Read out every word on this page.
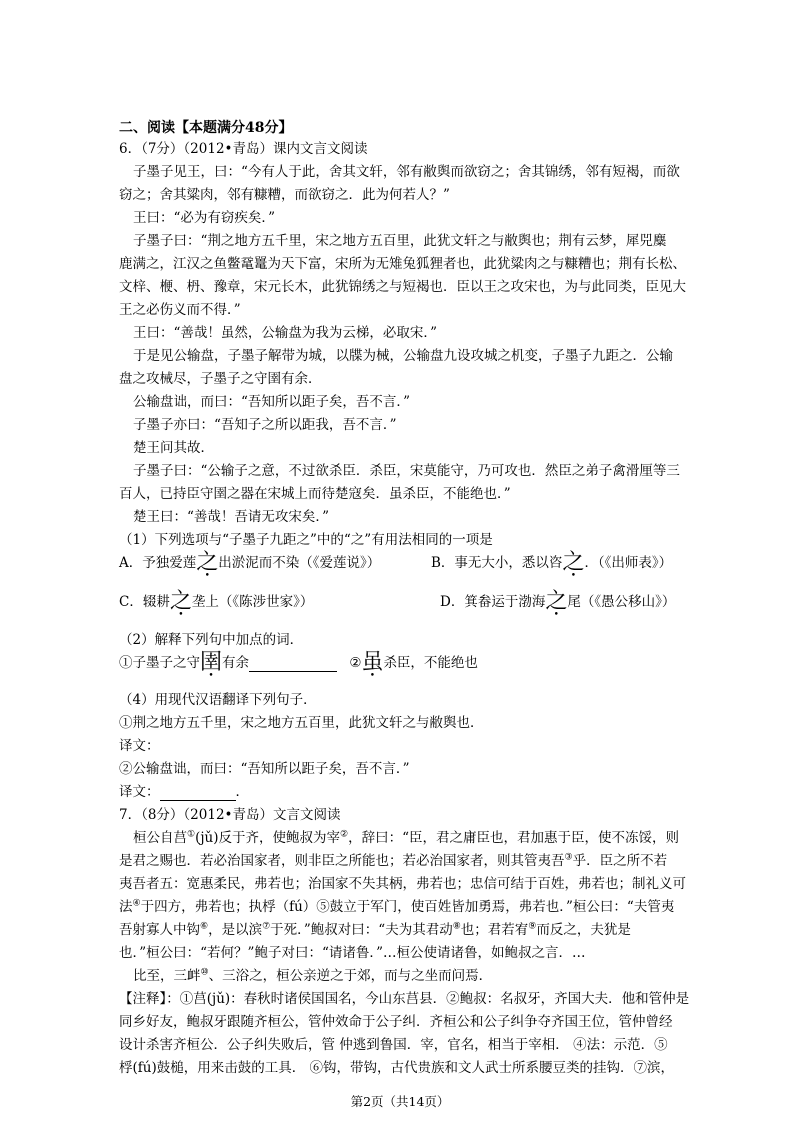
二、阅读【本题满分48分】
6．（7分）（2012•青岛）课内文言文阅读
子墨子见王，曰：“今有人于此，舍其文轩，邻有敝舆而欲窃之；舍其锦绣，邻有短褐，而欲
窃之；舍其粱肉，邻有糠糟，而欲窃之．此为何若人？”
王曰：“必为有窃疾矣．”
子墨子曰：“荆之地方五千里，宋之地方五百里，此犹文轩之与敝舆也；荆有云梦，犀兕麋
鹿满之，江汉之鱼鳖鼋鼍为天下富，宋所为无雉兔狐狸者也，此犹粱肉之与糠糟也；荆有长松、
文梓、楩、枬、豫章，宋元长木，此犹锦绣之与短褐也．臣以王之攻宋也，为与此同类，臣见大
王之必伤义而不得．”
王曰：“善哉！虽然，公输盘为我为云梯，必取宋．”
于是见公输盘，子墨子解带为城，以牒为械，公输盘九设攻城之机变，子墨子九距之．公输
盘之攻械尽，子墨子之守圉有余．
公输盘诎，而曰：“吾知所以距子矣，吾不言．”
子墨子亦曰：“吾知子之所以距我，吾不言．”
楚王问其故．
子墨子曰：“公输子之意，不过欲杀臣．杀臣，宋莫能守，乃可攻也．然臣之弟子禽滑厘等三
百人，已持臣守圉之器在宋城上而待楚寇矣．虽杀臣，不能绝也．”
楚王曰：“善哉！吾请无攻宋矣．”
（1）下列选项与“子墨子九距之”中的“之”有用法相同的一项是
A．予独爱莲之出淤泥而不染（《爱莲说》）	B．事无大小，悉以咨之．（《出师表》）
C．辍耕之垄上（《陈涉世家》）	D．箕畚运于渤海之尾（《愚公移山》）
（2）解释下列句中加点的词．
①子墨子之守圉有余	②虽杀臣，不能绝也
（4）用现代汉语翻译下列句子．
①荆之地方五千里，宋之地方五百里，此犹文轩之与敝舆也．
译文：
②公输盘诎，而曰：“吾知所以距子矣，吾不言．”
译文：	．
7．（8分）（2012•青岛）文言文阅读
桓公自莒①(jǔ)反于齐，使鲍叔为宰②，辞曰：“臣，君之庸臣也，君加惠于臣，使不冻馁，则
是君之赐也．若必治国家者，则非臣之所能也；若必治国家者，则其管夷吾③乎．臣之所不若
夷吾者五：宽惠柔民，弗若也；治国家不失其柄，弗若也；忠信可结于百姓，弗若也；制礼义可
法④于四方，弗若也；执桴（fú）⑤鼓立于军门，使百姓皆加勇焉，弗若也．”桓公曰：“夫管夷
吾射寡人中钩⑥，是以滨⑦于死．”鲍叔对曰：“夫为其君动⑧也；君若宥⑨而反之，夫犹是
也．”桓公曰：“若何？”鲍子对曰：“请诸鲁．”…桓公使请诸鲁，如鲍叔之言．…
比至，三衅⑩、三浴之，桓公亲逆之于郊，而与之坐而问焉．
【注释】：①莒(jǔ)：春秋时诸侯国国名，今山东莒县．②鲍叔：名叔牙，齐国大夫．他和管仲是
同乡好友，鲍叔牙跟随齐桓公，管仲效命于公子纠．齐桓公和公子纠争夺齐国王位，管仲曾经
设计杀害齐桓公．公子纠失败后，管 仲逃到鲁国．宰，官名，相当于宰相． ④法：示范．⑤
桴(fú)鼓槌，用来击鼓的工具． ⑥钩，带钩，古代贵族和文人武士所系腰豆类的挂钩．⑦滨，
第2页（共14页）
